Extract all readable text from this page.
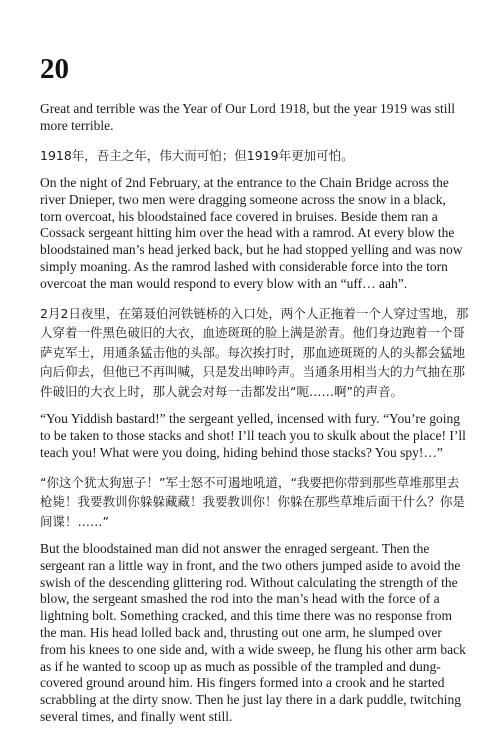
20

Great and terrible was the Year of Our Lord 1918, but the year 1919 was still more terrible.

1918年，吾主之年，伟大而可怕；但1919年更加可怕。

On the night of 2nd February, at the entrance to the Chain Bridge across the river Dnieper, two men were dragging someone across the snow in a black, torn overcoat, his bloodstained face covered in bruises. Beside them ran a Cossack sergeant hitting him over the head with a ramrod. At every blow the bloodstained man’s head jerked back, but he had stopped yelling and was now simply moaning. As the ramrod lashed with considerable force into the torn overcoat the man would respond to every blow with an “uff… aah”.

2月2日夜里，在第聂伯河铁链桥的入口处，两个人正拖着一个人穿过雪地，那人穿着一件黑色破旧的大衣，血迹斑斑的脸上满是淤青。他们身边跑着一个哥萨克军士，用通条猛击他的头部。每次挨打时，那血迹斑斑的人的头都会猛地向后仰去，但他已不再叫喊，只是发出呻吟声。当通条用相当大的力气抽在那件破旧的大衣上时，那人就会对每一击都发出“呃……啊”的声音。

“You Yiddish bastard!” the sergeant yelled, incensed with fury. “You’re going to be taken to those stacks and shot! I’ll teach you to skulk about the place! I’ll teach you! What were you doing, hiding behind those stacks? You spy!…”

“你这个犹太狗崽子！”军士怒不可遏地吼道，“我要把你带到那些草堆那里去枪毙！我要教训你躲躲藏藏！我要教训你！你躲在那些草堆后面干什么？你是间谍！……”

But the bloodstained man did not answer the enraged sergeant. Then the sergeant ran a little way in front, and the two others jumped aside to avoid the swish of the descending glittering rod. Without calculating the strength of the blow, the sergeant smashed the rod into the man’s head with the force of a lightning bolt. Something cracked, and this time there was no response from the man. His head lolled back and, thrusting out one arm, he slumped over from his knees to one side and, with a wide sweep, he flung his other arm back as if he wanted to scoop up as much as possible of the trampled and dung-covered ground around him. His fingers formed into a crook and he started scrabbling at the dirty snow. Then he just lay there in a dark puddle, twitching several times, and finally went still.
